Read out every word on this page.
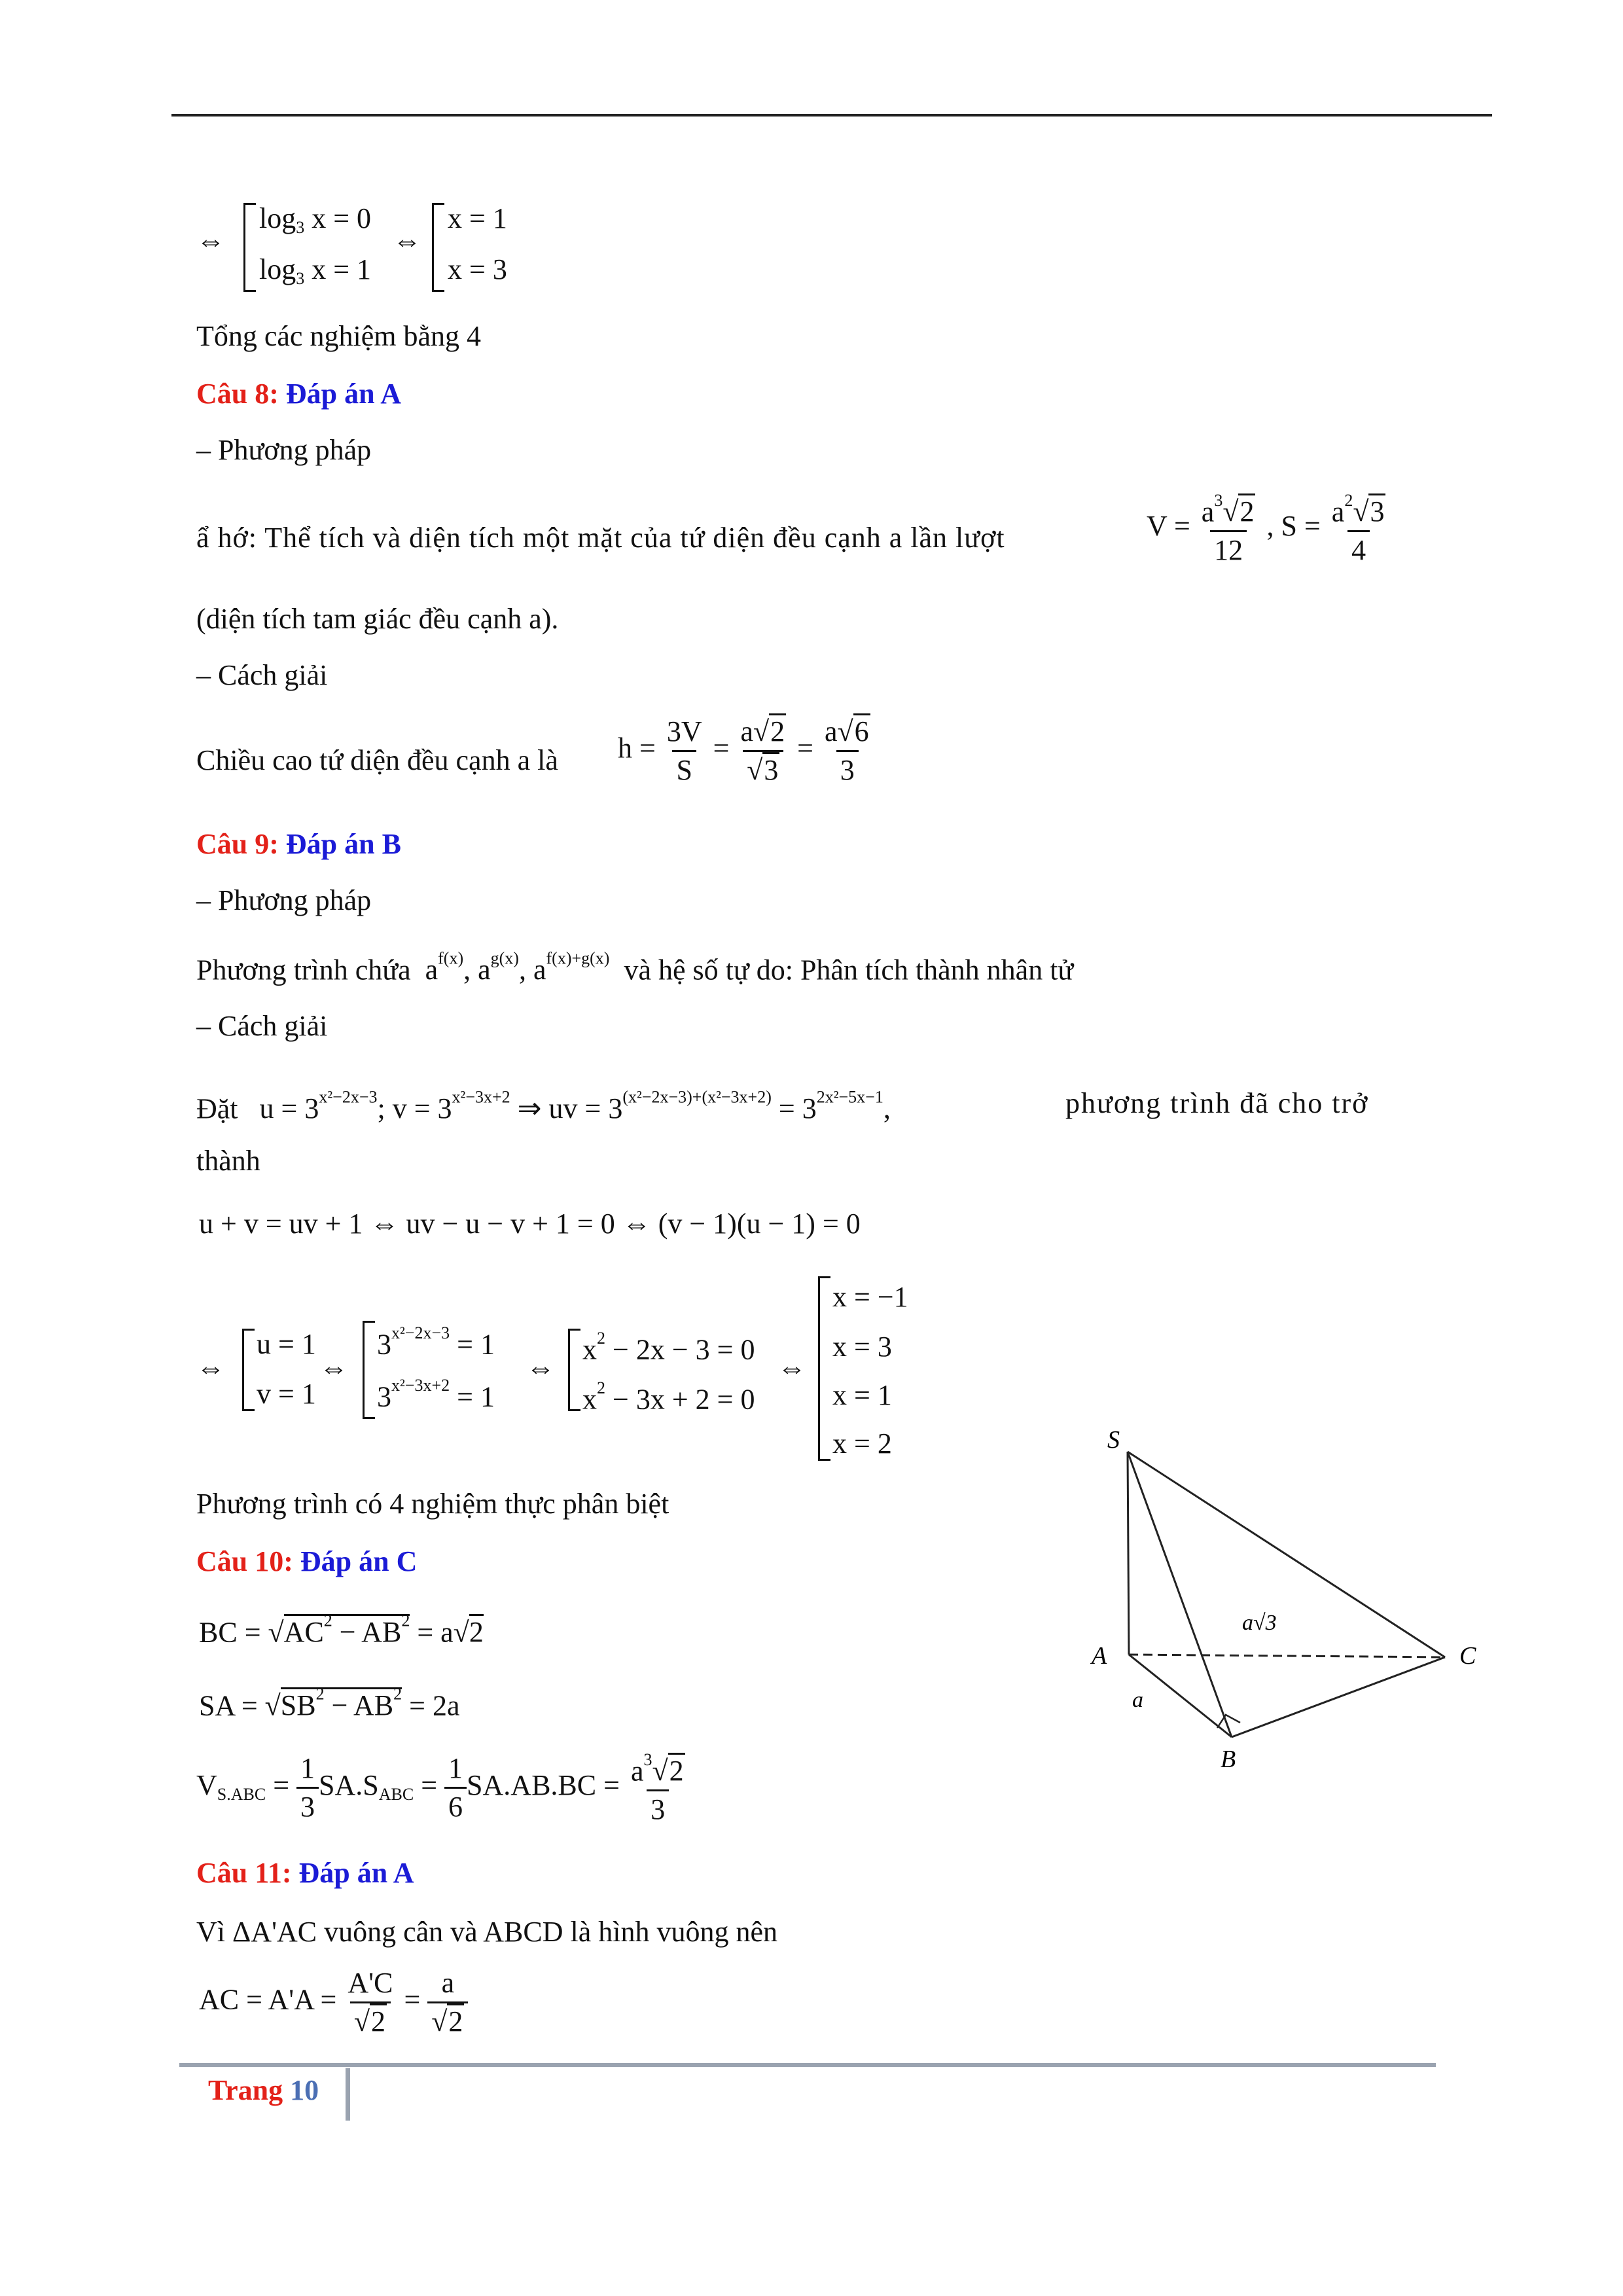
⇔
$\log_3 x = 0$
$\log_3 x = 1$
⇔
x = 1
x = 3
Tổng các nghiệm bằng 4
Câu 8: Đáp án A
– Phương pháp
ẩ hớ: Thể tích và diện tích một mặt của tứ diện đều cạnh a lần lượt	$V = \frac{a^3√2}{12}$ , $S = \frac{a^2√3}{4}$
(diện tích tam giác đều cạnh a).
– Cách giải
Chiều cao tứ diện đều cạnh a là $h = \frac{3V}{S} = \frac{a√2}{√3} = \frac{a√6}{3}$
Câu 9: Đáp án B
– Phương pháp
Phương trình chứa  $a^{f(x)}$, $a^{g(x)}$, $a^{f(x)+g(x)}$ và hệ số tự do: Phân tích thành nhân tử
– Cách giải
Đặt   $u = 3^{x^2-2x-3}$; $v = 3^{x^2-3x+2}$ ⇒ uv = $3^{(x^2-2x-3)+(x^2-3x+2)} = 3^{2x^2-5x-1}$,	phương trình đã cho trở
thành
u + v = uv + 1 ⇔ uv − u − v + 1 = 0 ⇔ (v − 1)(u − 1) = 0
⇔
u = 1
v = 1
⇔
$3^{x^2-2x-3} = 1$
$3^{x^2-3x+2} = 1$
⇔
$x^2 - 2x - 3 = 0$
$x^2 - 3x + 2 = 0$
⇔
x = −1
x = 3
x = 1
x = 2
Phương trình có 4 nghiệm thực phân biệt
Câu 10: Đáp án C
BC = $√AC^2 - AB^2 = a√2$
SA = $√SB^2 - AB^2 = 2a$
$V_{S.ABC} = \frac{1}{3} SA.S_{ABC} = \frac{1}{6} SA.AB.BC = \frac{a^3√2}{3}$
S
A
B
C
a
a√3
Câu 11: Đáp án A
Vì ΔA'AC vuông cân và ABCD là hình vuông nên
AC = $A'A = \frac{A'C}{√2} = \frac{a}{√2}$
Trang 10
